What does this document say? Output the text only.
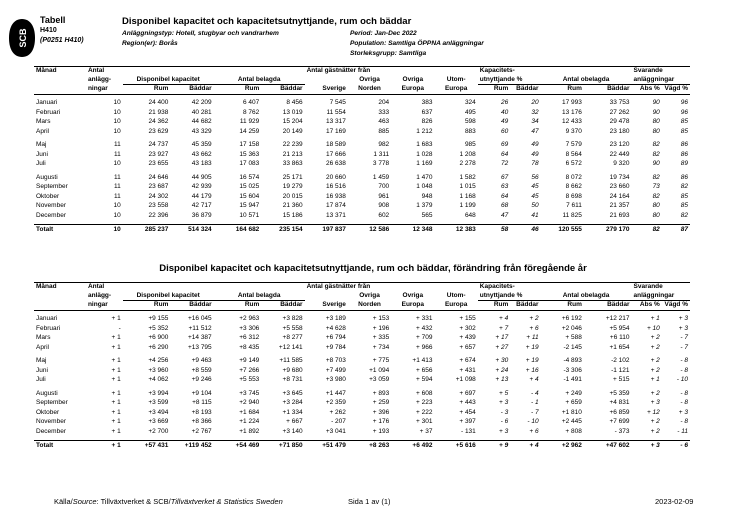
SCB
Tabell
H410
(P0251 H410)
Disponibel kapacitet och kapacitetsutnyttjande, rum och bäddar
Anläggningstyp: Hotell, stugbyar och vandrarhem
Region(er): Borås
Period: Jan-Dec 2022
Population: Samtliga ÖPPNA anläggningar
Storleksgrupp: Samtliga
Månad	Antal					Antal gästnätter från				Kapacitets-				Svarande	
	anlägg-	Disponibel kapacitet		Antal belagda			Övriga	Övriga	Utom-	utnyttjande %		Antal obelagda		anläggningar	
	ningar	Rum	Bäddar	Rum	Bäddar	Sverige	Norden	Europa	Europa	Rum	Bäddar	Rum	Bäddar	Abs %	Vägd %

Januari	10	24 400	42 209	6 407	8 456	7 545	204	383	324	26	20	17 993	33 753	90	96
Februari	10	21 938	40 281	8 762	13 019	11 554	333	637	495	40	32	13 176	27 262	90	96
Mars	10	24 362	44 682	11 929	15 204	13 317	463	826	598	49	34	12 433	29 478	80	85
April	10	23 629	43 329	14 259	20 149	17 169	885	1 212	883	60	47	9 370	23 180	80	85

Maj	11	24 737	45 359	17 158	22 239	18 589	982	1 683	985	69	49	7 579	23 120	82	86
Juni	11	23 927	43 662	15 363	21 213	17 666	1 311	1 028	1 208	64	49	8 564	22 449	82	86
Juli	10	23 655	43 183	17 083	33 863	26 638	3 778	1 169	2 278	72	78	6 572	9 320	90	89

Augusti	11	24 646	44 905	16 574	25 171	20 660	1 459	1 470	1 582	67	56	8 072	19 734	82	86
September	11	23 687	42 939	15 025	19 279	16 516	700	1 048	1 015	63	45	8 662	23 660	73	82
Oktober	11	24 302	44 179	15 604	20 015	16 938	961	948	1 168	64	45	8 698	24 164	82	85
November	10	23 558	42 717	15 947	21 360	17 874	908	1 379	1 199	68	50	7 611	21 357	80	85
December	10	22 396	36 879	10 571	15 186	13 371	602	565	648	47	41	11 825	21 693	80	82

Totalt	10	285 237	514 324	164 682	235 154	197 837	12 586	12 348	12 383	58	46	120 555	279 170	82	87
Disponibel kapacitet och kapacitetsutnyttjande, rum och bäddar, förändring från föregående år
Månad	Antal					Antal gästnätter från				Kapacitets-				Svarande	
	anlägg-	Disponibel kapacitet		Antal belagda			Övriga	Övriga	Utom-	utnyttjande %		Antal obelagda		anläggningar	
	ningar	Rum	Bäddar	Rum	Bäddar	Sverige	Norden	Europa	Europa	Rum	Bäddar	Rum	Bäddar	Abs %	Vägd %

Januari	+ 1	+9 155	+16 045	+2 963	+3 828	+3 189	+ 153	+ 331	+ 155	+ 4	+ 2	+6 192	+12 217	+ 1	+ 3
Februari	-	+5 352	+11 512	+3 306	+5 558	+4 628	+ 196	+ 432	+ 302	+ 7	+ 6	+2 046	+5 954	+ 10	+ 3
Mars	+ 1	+6 900	+14 387	+6 312	+8 277	+6 794	+ 335	+ 709	+ 439	+ 17	+ 11	+ 588	+6 110	+ 2	- 7
April	+ 1	+6 290	+13 795	+8 435	+12 141	+9 784	+ 734	+ 966	+ 657	+ 27	+ 19	-2 145	+1 654	+ 2	- 7

Maj	+ 1	+4 256	+9 463	+9 149	+11 585	+8 703	+ 775	+1 413	+ 674	+ 30	+ 19	-4 893	-2 102	+ 2	- 8
Juni	+ 1	+3 960	+8 559	+7 266	+9 680	+7 499	+1 094	+ 656	+ 431	+ 24	+ 16	-3 306	-1 121	+ 2	- 8
Juli	+ 1	+4 062	+9 246	+5 553	+8 731	+3 980	+3 059	+ 594	+1 098	+ 13	+ 4	-1 491	+ 515	+ 1	- 10

Augusti	+ 1	+3 994	+9 104	+3 745	+3 645	+1 447	+ 893	+ 608	+ 697	+ 5	- 4	+ 249	+5 359	+ 2	- 8
September	+ 1	+3 599	+8 115	+2 940	+3 284	+2 359	+ 259	+ 223	+ 443	+ 3	- 1	+ 659	+4 831	+ 3	- 8
Oktober	+ 1	+3 494	+8 193	+1 684	+1 334	+ 262	+ 396	+ 222	+ 454	- 3	- 7	+1 810	+6 859	+ 12	+ 3
November	+ 1	+3 669	+8 366	+1 224	+ 667	- 207	+ 176	+ 301	+ 397	- 6	- 10	+2 445	+7 699	+ 2	- 8
December	+ 1	+2 700	+2 767	+1 892	+3 140	+3 041	+ 193	+ 37	- 131	+ 3	+ 6	+ 808	- 373	+ 2	- 11

Totalt	+ 1	+57 431	+119 452	+54 469	+71 850	+51 479	+8 263	+6 492	+5 616	+ 9	+ 4	+2 962	+47 602	+ 3	- 6
Källa/Source: Tillväxtverket & SCB/Tillväxtverket & Statistics Sweden	Sida 1 av (1)	2023-02-09
